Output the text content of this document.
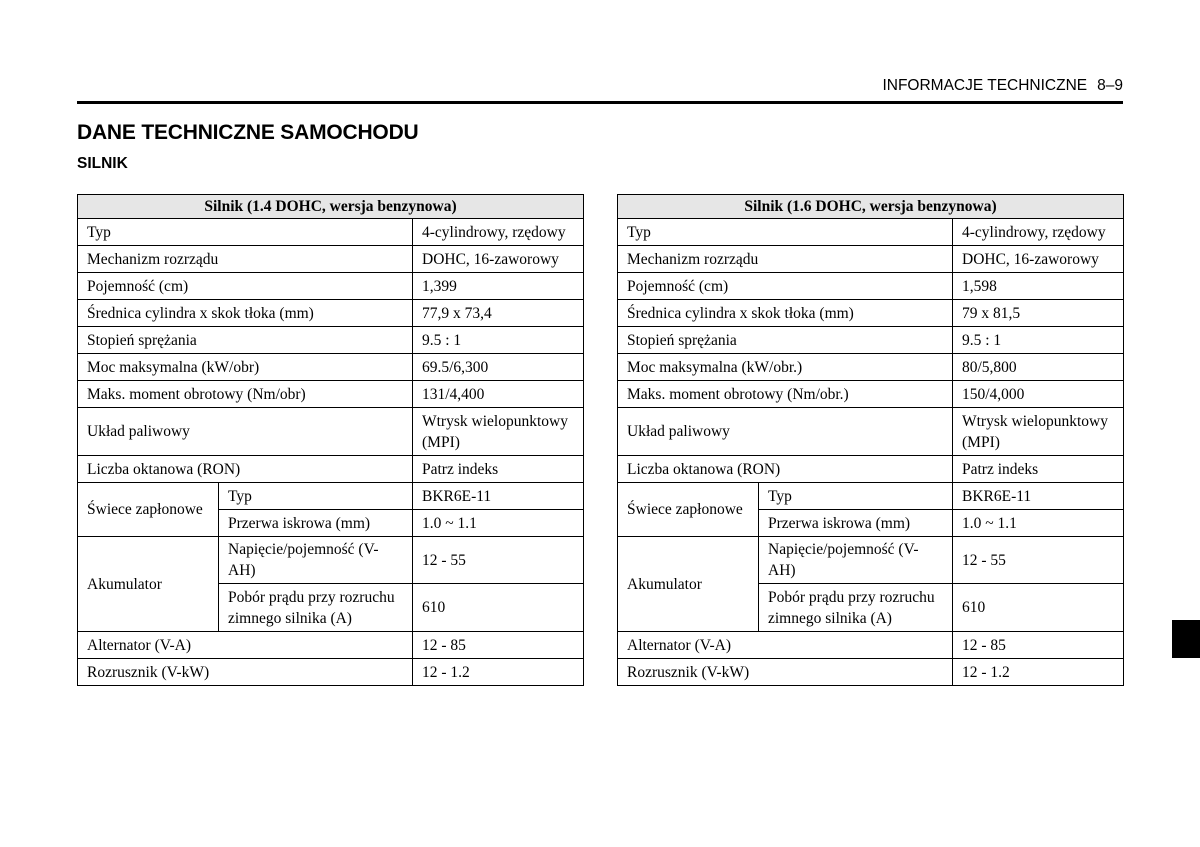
INFORMACJE TECHNICZNE 8–9
DANE TECHNICZNE SAMOCHODU
SILNIK
Silnik (1.4 DOHC, wersja benzynowa)		
Typ		4-cylindrowy, rzędowy
Mechanizm rozrządu		DOHC, 16-zaworowy
Pojemność (cm)		1,399
Średnica cylindra x skok tłoka (mm)		77,9 x 73,4
Stopień sprężania		9.5 : 1
Moc maksymalna (kW/obr)		69.5/6,300
Maks. moment obrotowy (Nm/obr)		131/4,400
Układ paliwowy		Wtrysk wielopunktowy (MPI)
Liczba oktanowa (RON)		Patrz indeks
Świece zapłonowe	Typ	BKR6E-11
	Przerwa iskrowa (mm)	1.0 ~ 1.1
Akumulator	Napięcie/pojemność (V-AH)	12 - 55
	Pobór prądu przy rozruchu zimnego silnika (A)	610
Alternator (V-A)		12 - 85
Rozrusznik (V-kW)		12 - 1.2
Silnik (1.6 DOHC, wersja benzynowa)		
Typ		4-cylindrowy, rzędowy
Mechanizm rozrządu		DOHC, 16-zaworowy
Pojemność (cm)		1,598
Średnica cylindra x skok tłoka (mm)		79 x 81,5
Stopień sprężania		9.5 : 1
Moc maksymalna (kW/obr.)		80/5,800
Maks. moment obrotowy (Nm/obr.)		150/4,000
Układ paliwowy		Wtrysk wielopunktowy (MPI)
Liczba oktanowa (RON)		Patrz indeks
Świece zapłonowe	Typ	BKR6E-11
	Przerwa iskrowa (mm)	1.0 ~ 1.1
Akumulator	Napięcie/pojemność (V-AH)	12 - 55
	Pobór prądu przy rozruchu zimnego silnika (A)	610
Alternator (V-A)		12 - 85
Rozrusznik (V-kW)		12 - 1.2
